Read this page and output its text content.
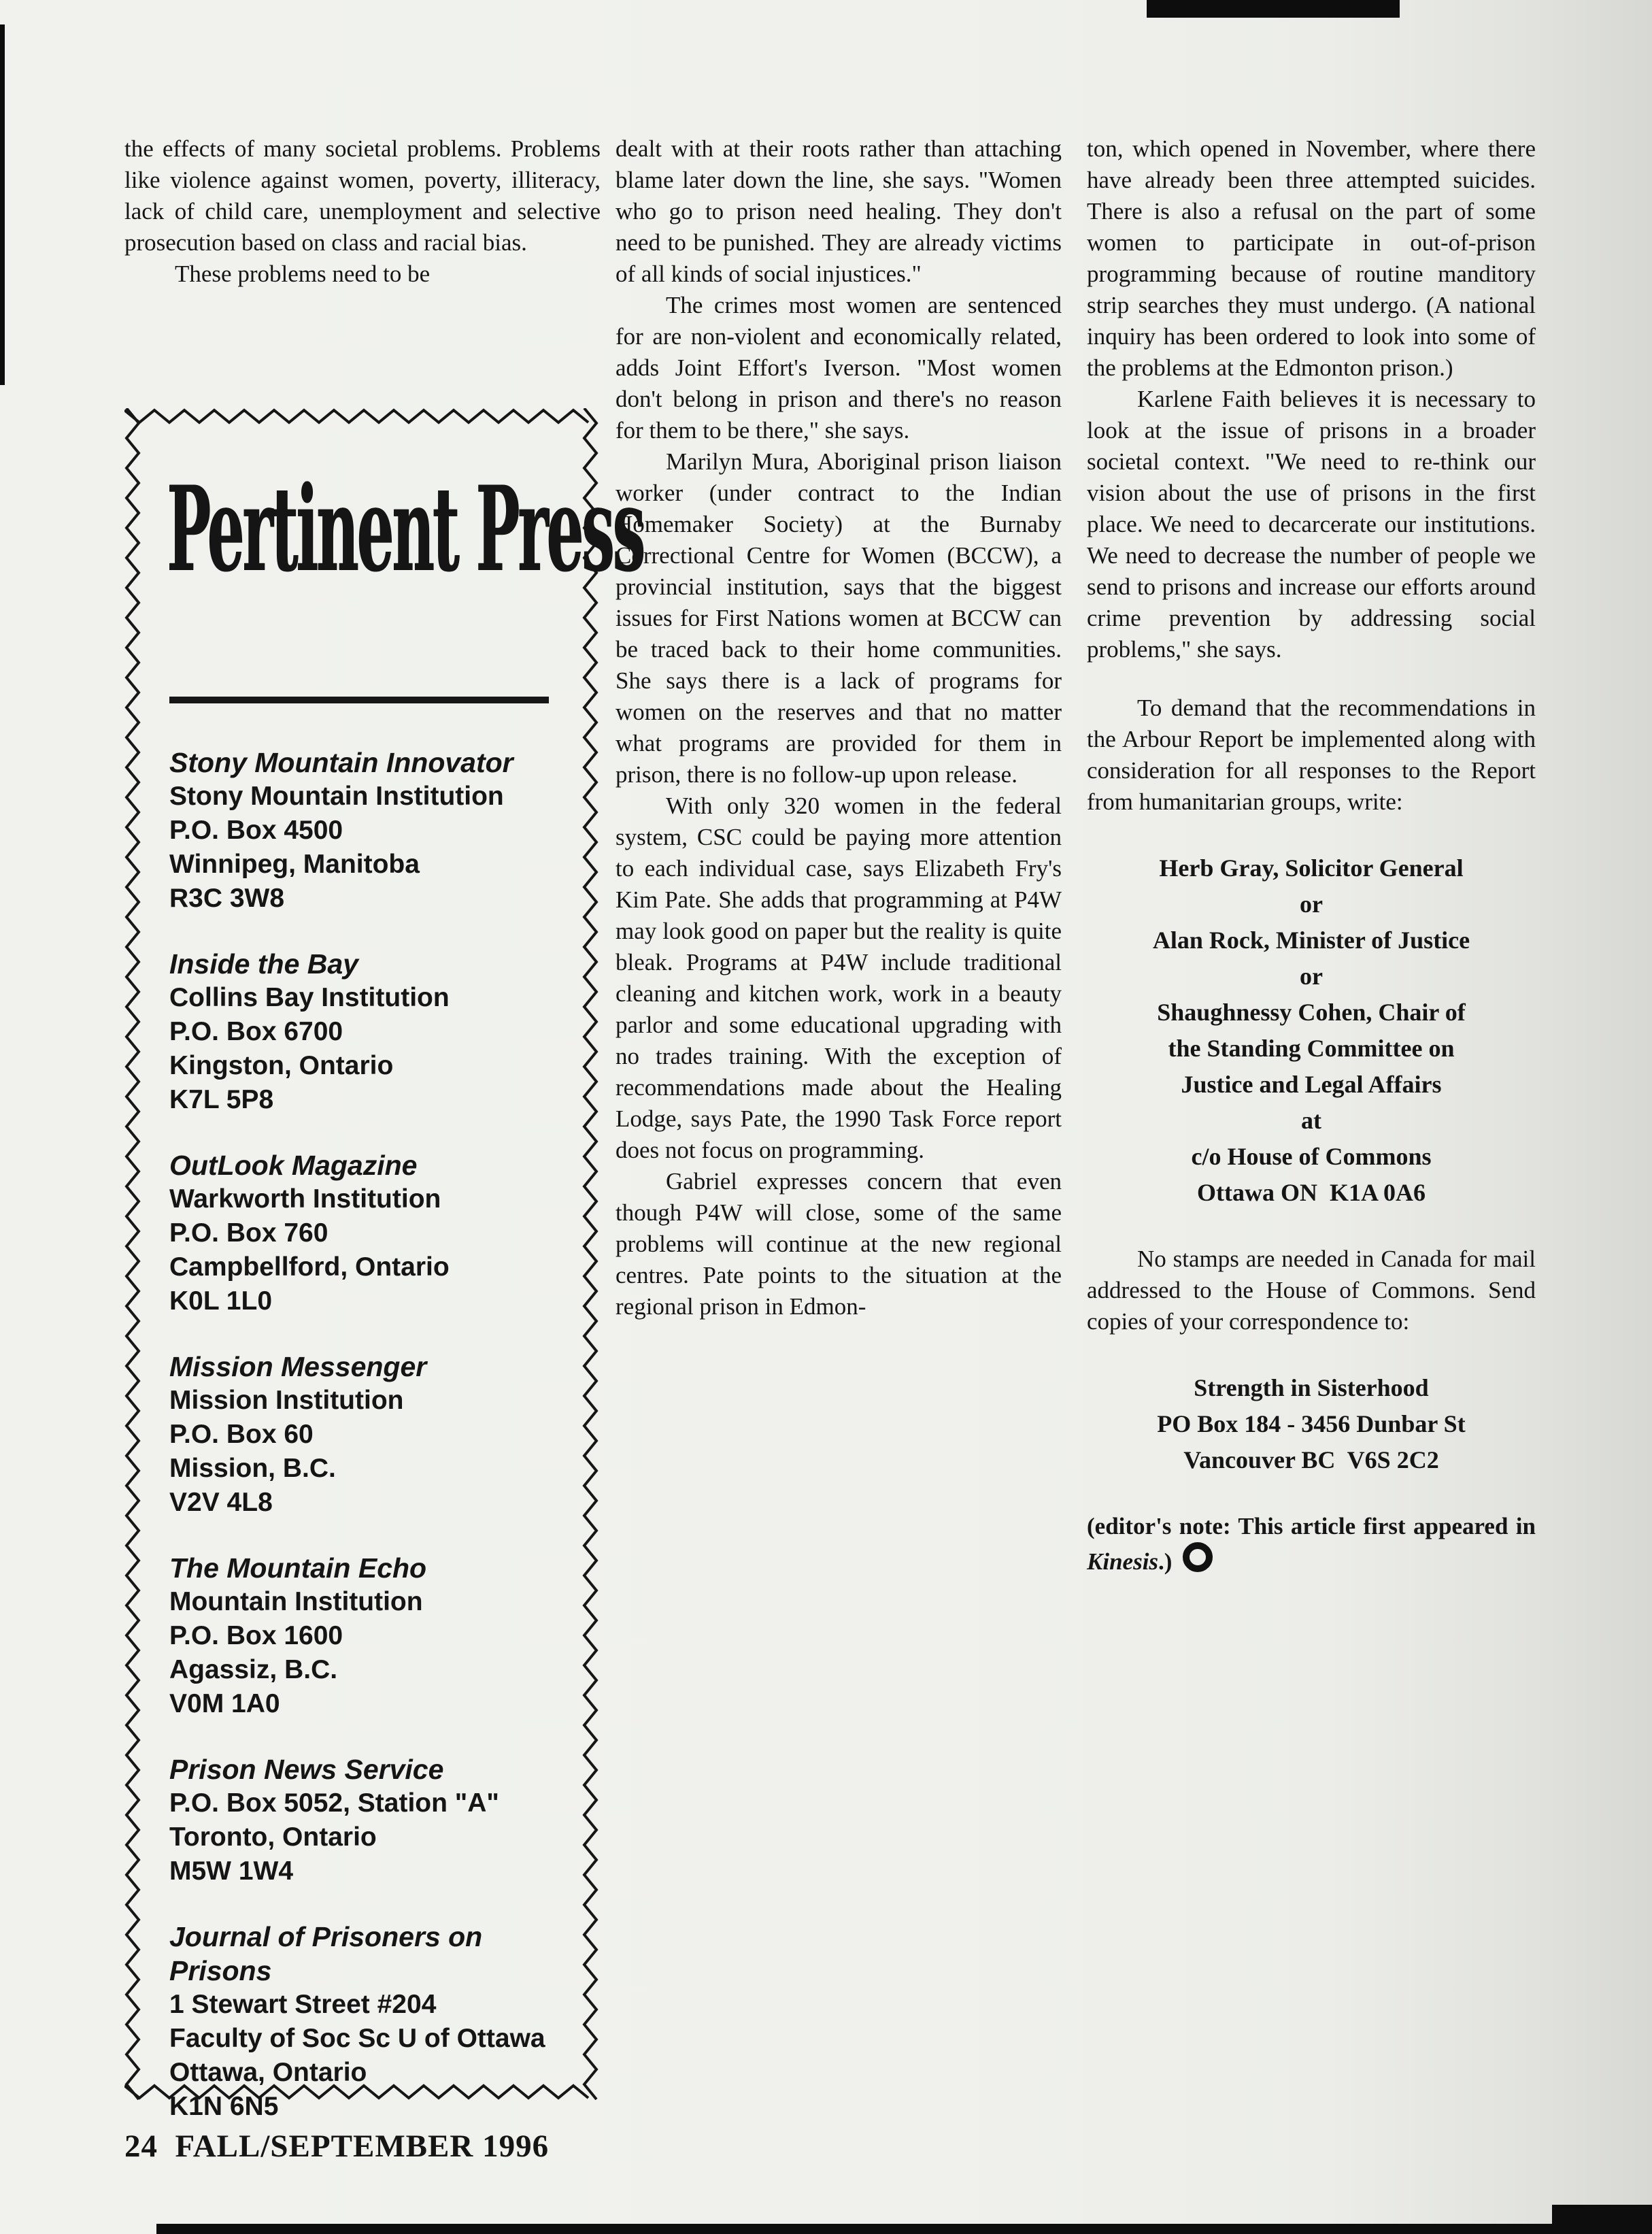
the effects of many societal problems. Problems like violence against women, poverty, illiteracy, lack of child care, unemployment and selective prosecution based on class and racial bias.

These problems need to be

Pertinent Press
Stony Mountain Innovator
Stony Mountain Institution
P.O. Box 4500
Winnipeg, Manitoba
R3C 3W8
Inside the Bay
Collins Bay Institution
P.O. Box 6700
Kingston, Ontario
K7L 5P8
OutLook Magazine
Warkworth Institution
P.O. Box 760
Campbellford, Ontario
K0L 1L0
Mission Messenger
Mission Institution
P.O. Box 60
Mission, B.C.
V2V 4L8
The Mountain Echo
Mountain Institution
P.O. Box 1600
Agassiz, B.C.
V0M 1A0
Prison News Service
P.O. Box 5052, Station "A"
Toronto, Ontario
M5W 1W4
Journal of Prisoners on Prisons
1 Stewart Street #204
Faculty of Soc Sc U of Ottawa
Ottawa, Ontario
K1N 6N5

dealt with at their roots rather than attaching blame later down the line, she says. "Women who go to prison need healing. They don't need to be punished. They are already victims of all kinds of social injustices."

The crimes most women are sentenced for are non-violent and economically related, adds Joint Effort's Iverson. "Most women don't belong in prison and there's no reason for them to be there," she says.

Marilyn Mura, Aboriginal prison liaison worker (under contract to the Indian Homemaker Society) at the Burnaby Correctional Centre for Women (BCCW), a provincial institution, says that the biggest issues for First Nations women at BCCW can be traced back to their home communities. She says there is a lack of programs for women on the reserves and that no matter what programs are provided for them in prison, there is no follow-up upon release.

With only 320 women in the federal system, CSC could be paying more attention to each individual case, says Elizabeth Fry's Kim Pate. She adds that programming at P4W may look good on paper but the reality is quite bleak. Programs at P4W include traditional cleaning and kitchen work, work in a beauty parlor and some educational upgrading with no trades training. With the exception of recommendations made about the Healing Lodge, says Pate, the 1990 Task Force report does not focus on programming.

Gabriel expresses concern that even though P4W will close, some of the same problems will continue at the new regional centres. Pate points to the situation at the regional prison in Edmon-

ton, which opened in November, where there have already been three attempted suicides. There is also a refusal on the part of some women to participate in out-of-prison programming because of routine manditory strip searches they must undergo. (A national inquiry has been ordered to look into some of the problems at the Edmonton prison.)

Karlene Faith believes it is necessary to look at the issue of prisons in a broader societal context. "We need to re-think our vision about the use of prisons in the first place. We need to decarcerate our institutions. We need to decrease the number of people we send to prisons and increase our efforts around crime prevention by addressing social problems," she says.

To demand that the recommendations in the Arbour Report be implemented along with consideration for all responses to the Report from humanitarian groups, write:

Herb Gray, Solicitor General
or
Alan Rock, Minister of Justice
or
Shaughnessy Cohen, Chair of
the Standing Committee on
Justice and Legal Affairs
at
c/o House of Commons
Ottawa ON  K1A 0A6

No stamps are needed in Canada for mail addressed to the House of Commons. Send copies of your correspondence to:

Strength in Sisterhood
PO Box 184 - 3456 Dunbar St
Vancouver BC  V6S 2C2

(editor's note: This article first appeared in Kinesis.)

24  FALL/SEPTEMBER 1996
